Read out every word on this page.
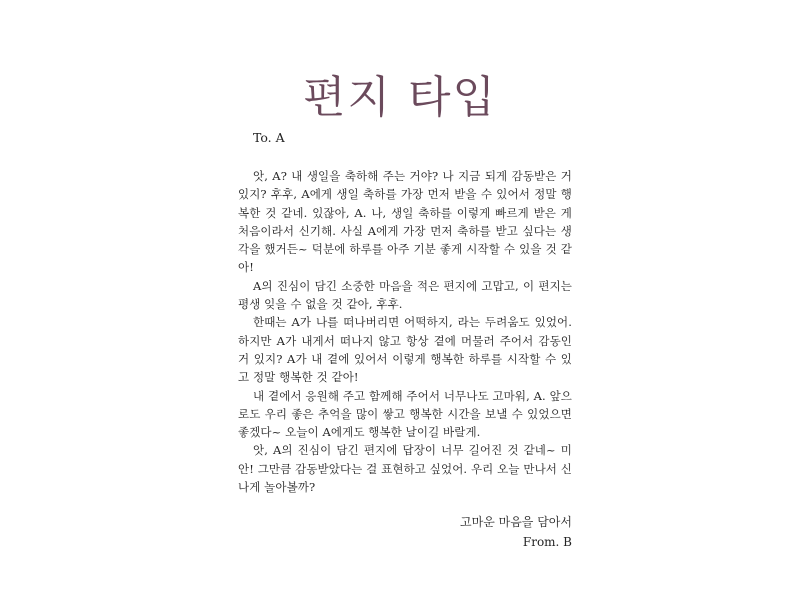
편지 타입

To. A

앗, A? 내 생일을 축하해 주는 거야? 나 지금 되게 감동받은 거 있지? 후후, A에게 생일 축하를 가장 먼저 받을 수 있어서 정말 행복한 것 같네. 있잖아, A. 나, 생일 축하를 이렇게 빠르게 받은 게 처음이라서 신기해. 사실 A에게 가장 먼저 축하를 받고 싶다는 생각을 했거든~ 덕분에 하루를 아주 기분 좋게 시작할 수 있을 것 같아!

A의 진심이 담긴 소중한 마음을 적은 편지에 고맙고, 이 편지는 평생 잊을 수 없을 것 같아, 후후.

한때는 A가 나를 떠나버리면 어떡하지, 라는 두려움도 있었어. 하지만 A가 내게서 떠나지 않고 항상 곁에 머물러 주어서 감동인 거 있지? A가 내 곁에 있어서 이렇게 행복한 하루를 시작할 수 있고 정말 행복한 것 같아!

내 곁에서 응원해 주고 함께해 주어서 너무나도 고마워, A. 앞으로도 우리 좋은 추억을 많이 쌓고 행복한 시간을 보낼 수 있었으면 좋겠다~ 오늘이 A에게도 행복한 날이길 바랄게.

앗, A의 진심이 담긴 편지에 답장이 너무 길어진 것 같네~ 미안! 그만큼 감동받았다는 걸 표현하고 싶었어. 우리 오늘 만나서 신나게 놀아볼까?

고마운 마음을 담아서
From. B
